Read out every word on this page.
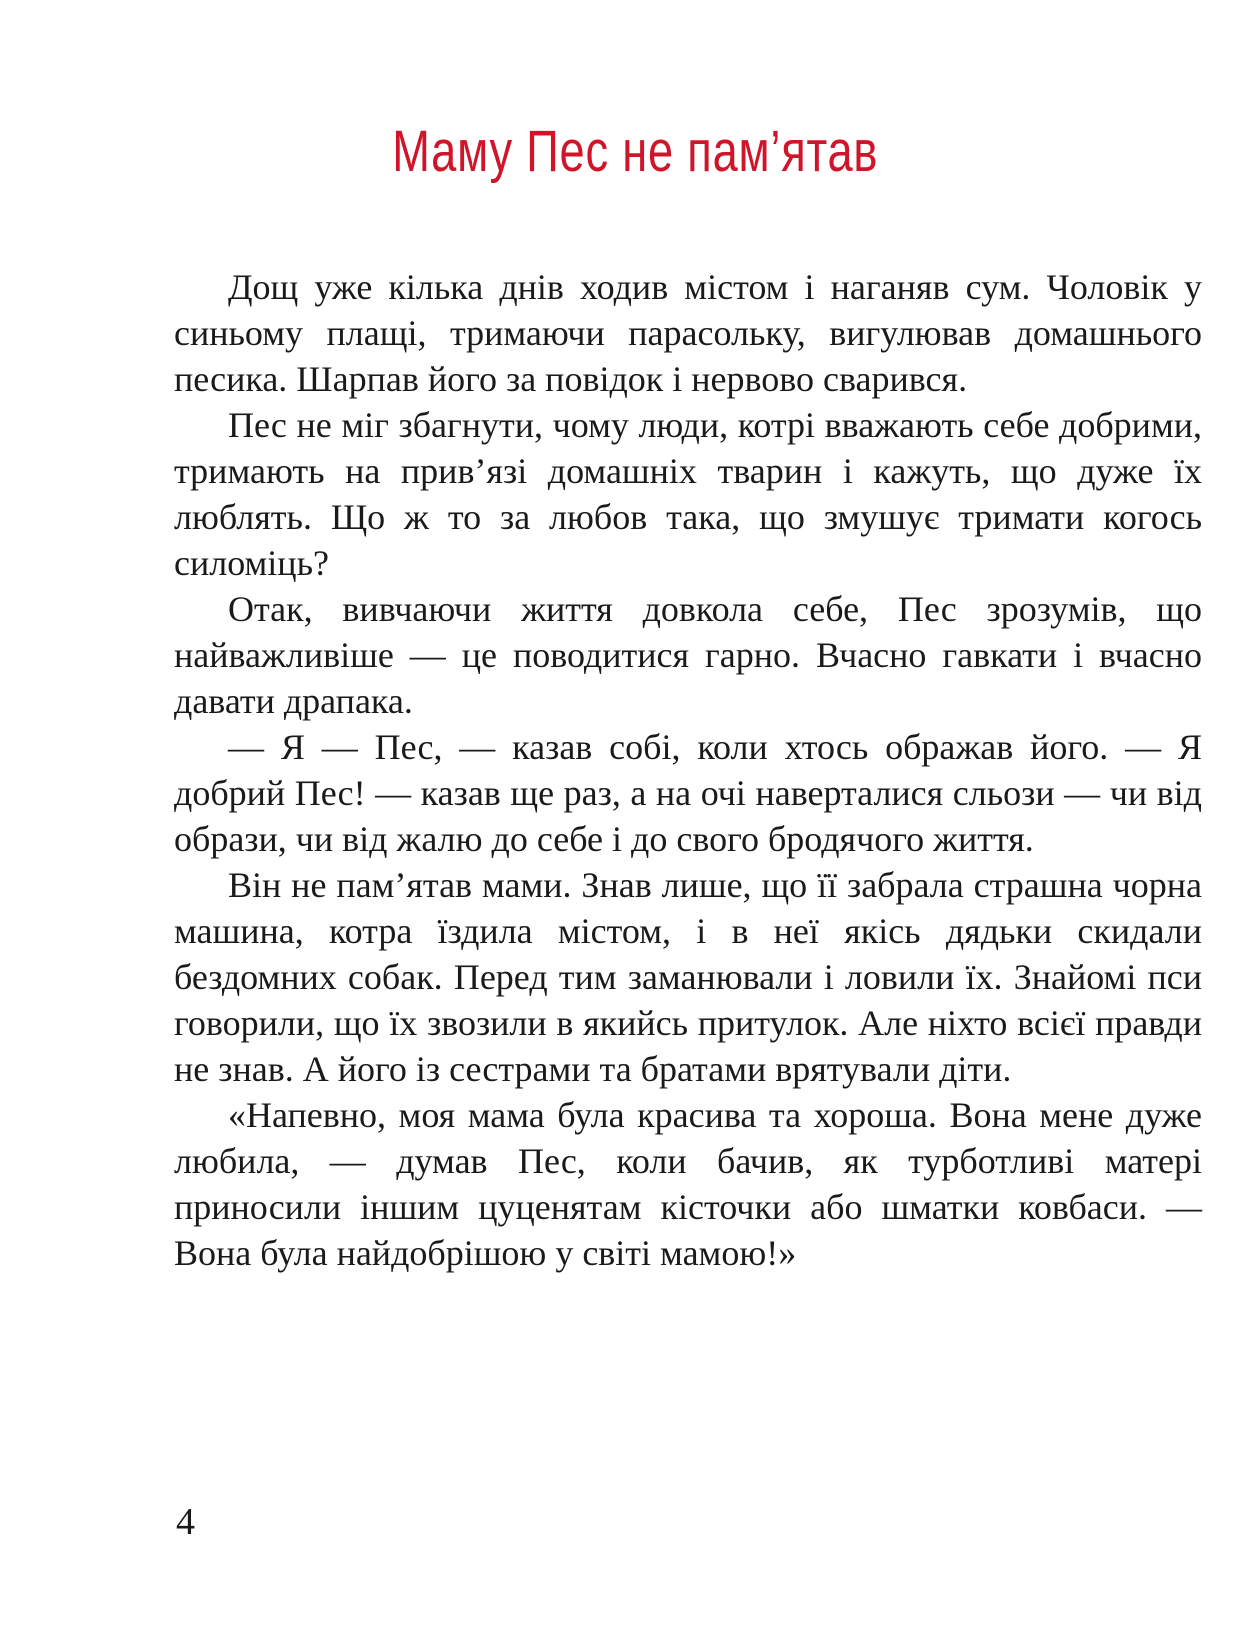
Маму Пес не пам’ятав

Дощ уже кілька днів ходив містом і наганяв сум. Чоловік у синьому плащі, тримаючи парасольку, вигулював домашнього песика. Шарпав його за повідок і нервово сварився.

Пес не міг збагнути, чому люди, котрі вважають себе добрими, тримають на прив’язі домашніх тварин і кажуть, що дуже їх люблять. Що ж то за любов така, що змушує тримати когось силоміць?

Отак, вивчаючи життя довкола себе, Пес зрозумів, що найважливіше — це поводитися гарно. Вчасно гавкати і вчасно давати драпака.

— Я — Пес, — казав собі, коли хтось ображав його. — Я добрий Пес! — казав ще раз, а на очі наверталися сльози — чи від образи, чи від жалю до себе і до свого бродячого життя.

Він не пам’ятав мами. Знав лише, що її забрала страшна чорна машина, котра їздила містом, і в неї якісь дядьки скидали бездомних собак. Перед тим заманювали і ловили їх. Знайомі пси говорили, що їх звозили в якийсь притулок. Але ніхто всієї правди не знав. А його із сестрами та братами врятували діти.

«Напевно, моя мама була красива та хороша. Вона мене дуже любила, — думав Пес, коли бачив, як турботливі матері приносили іншим цуценятам кісточки або шматки ковбаси. — Вона була найдобрішою у світі мамою!»

4
